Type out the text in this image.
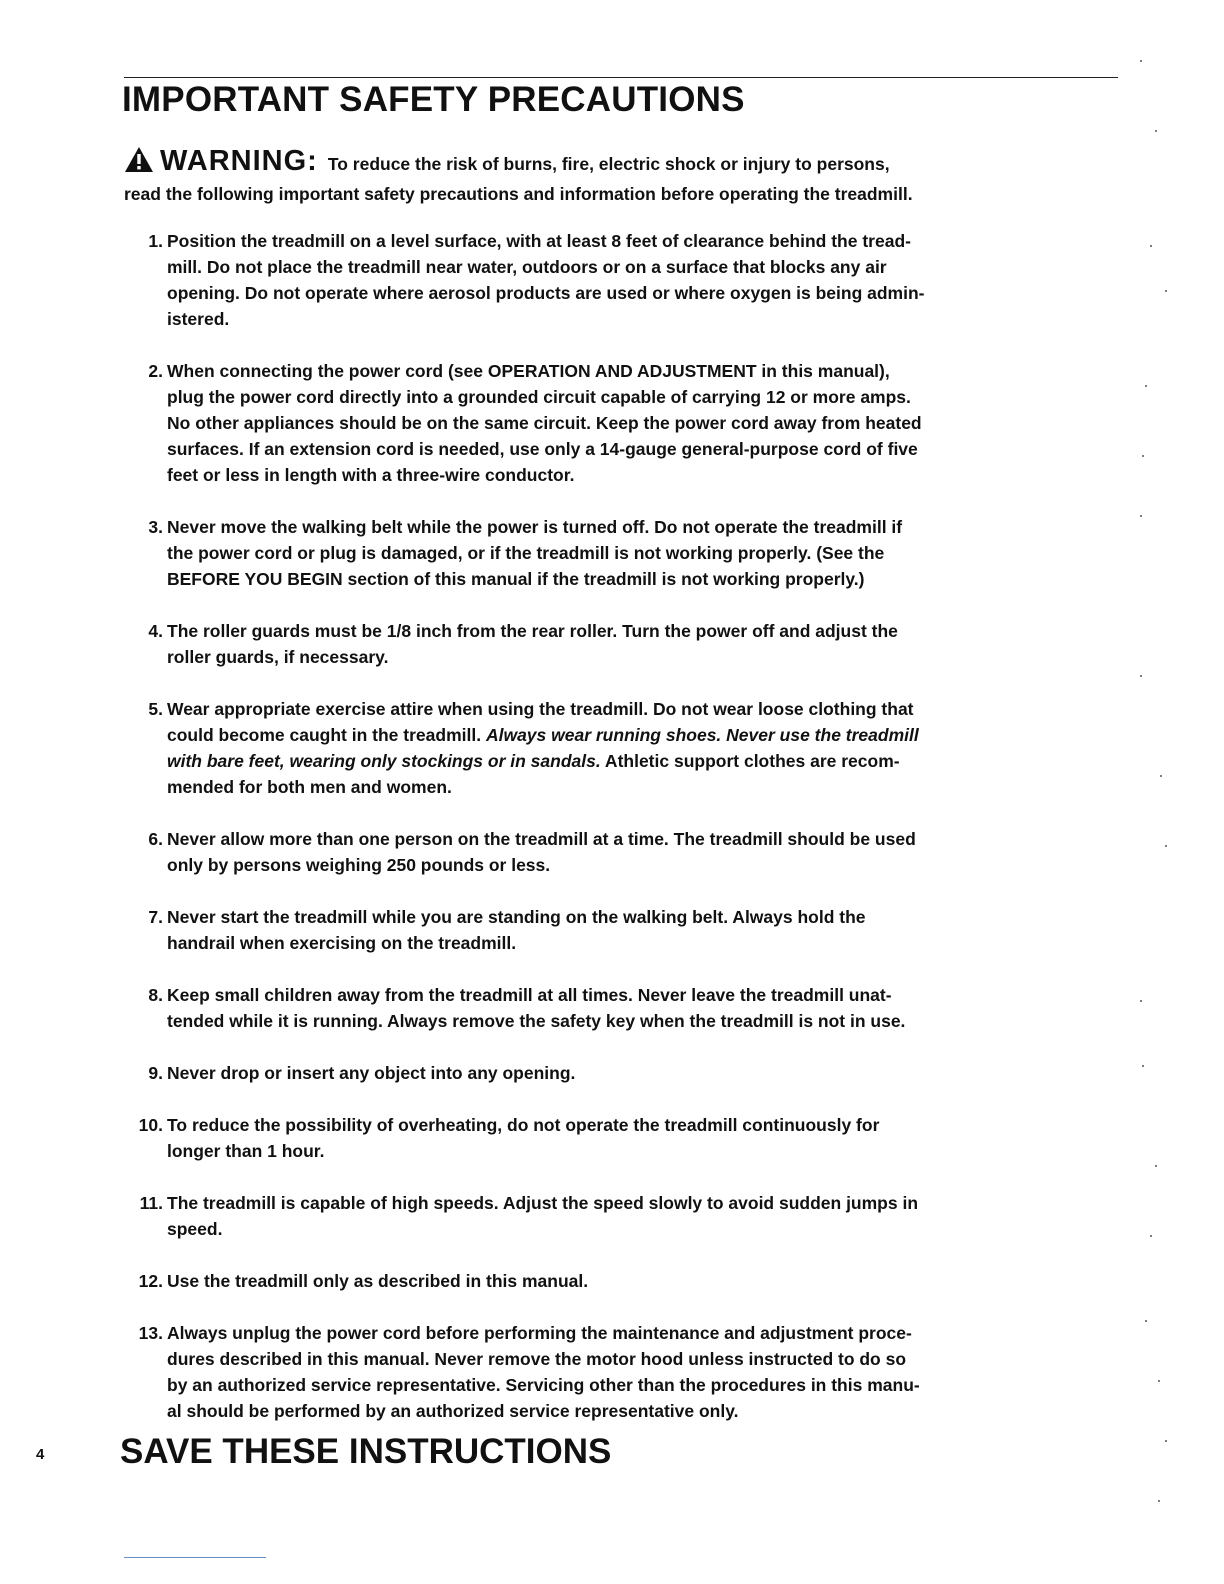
IMPORTANT SAFETY PRECAUTIONS
WARNING: To reduce the risk of burns, fire, electric shock or injury to persons,
read the following important safety precautions and information before operating the treadmill.
1. Position the treadmill on a level surface, with at least 8 feet of clearance behind the tread-
mill. Do not place the treadmill near water, outdoors or on a surface that blocks any air
opening. Do not operate where aerosol products are used or where oxygen is being admin-
istered.
2. When connecting the power cord (see OPERATION AND ADJUSTMENT in this manual),
plug the power cord directly into a grounded circuit capable of carrying 12 or more amps.
No other appliances should be on the same circuit. Keep the power cord away from heated
surfaces. If an extension cord is needed, use only a 14-gauge general-purpose cord of five
feet or less in length with a three-wire conductor.
3. Never move the walking belt while the power is turned off. Do not operate the treadmill if
the power cord or plug is damaged, or if the treadmill is not working properly. (See the
BEFORE YOU BEGIN section of this manual if the treadmill is not working properly.)
4. The roller guards must be 1/8 inch from the rear roller. Turn the power off and adjust the
roller guards, if necessary.
5. Wear appropriate exercise attire when using the treadmill. Do not wear loose clothing that
could become caught in the treadmill. Always wear running shoes. Never use the treadmill
with bare feet, wearing only stockings or in sandals. Athletic support clothes are recom-
mended for both men and women.
6. Never allow more than one person on the treadmill at a time. The treadmill should be used
only by persons weighing 250 pounds or less.
7. Never start the treadmill while you are standing on the walking belt. Always hold the
handrail when exercising on the treadmill.
8. Keep small children away from the treadmill at all times. Never leave the treadmill unat-
tended while it is running. Always remove the safety key when the treadmill is not in use.
9. Never drop or insert any object into any opening.
10. To reduce the possibility of overheating, do not operate the treadmill continuously for
longer than 1 hour.
11. The treadmill is capable of high speeds. Adjust the speed slowly to avoid sudden jumps in
speed.
12. Use the treadmill only as described in this manual.
13. Always unplug the power cord before performing the maintenance and adjustment proce-
dures described in this manual. Never remove the motor hood unless instructed to do so
by an authorized service representative. Servicing other than the procedures in this manu-
al should be performed by an authorized service representative only.
4 SAVE THESE INSTRUCTIONS
